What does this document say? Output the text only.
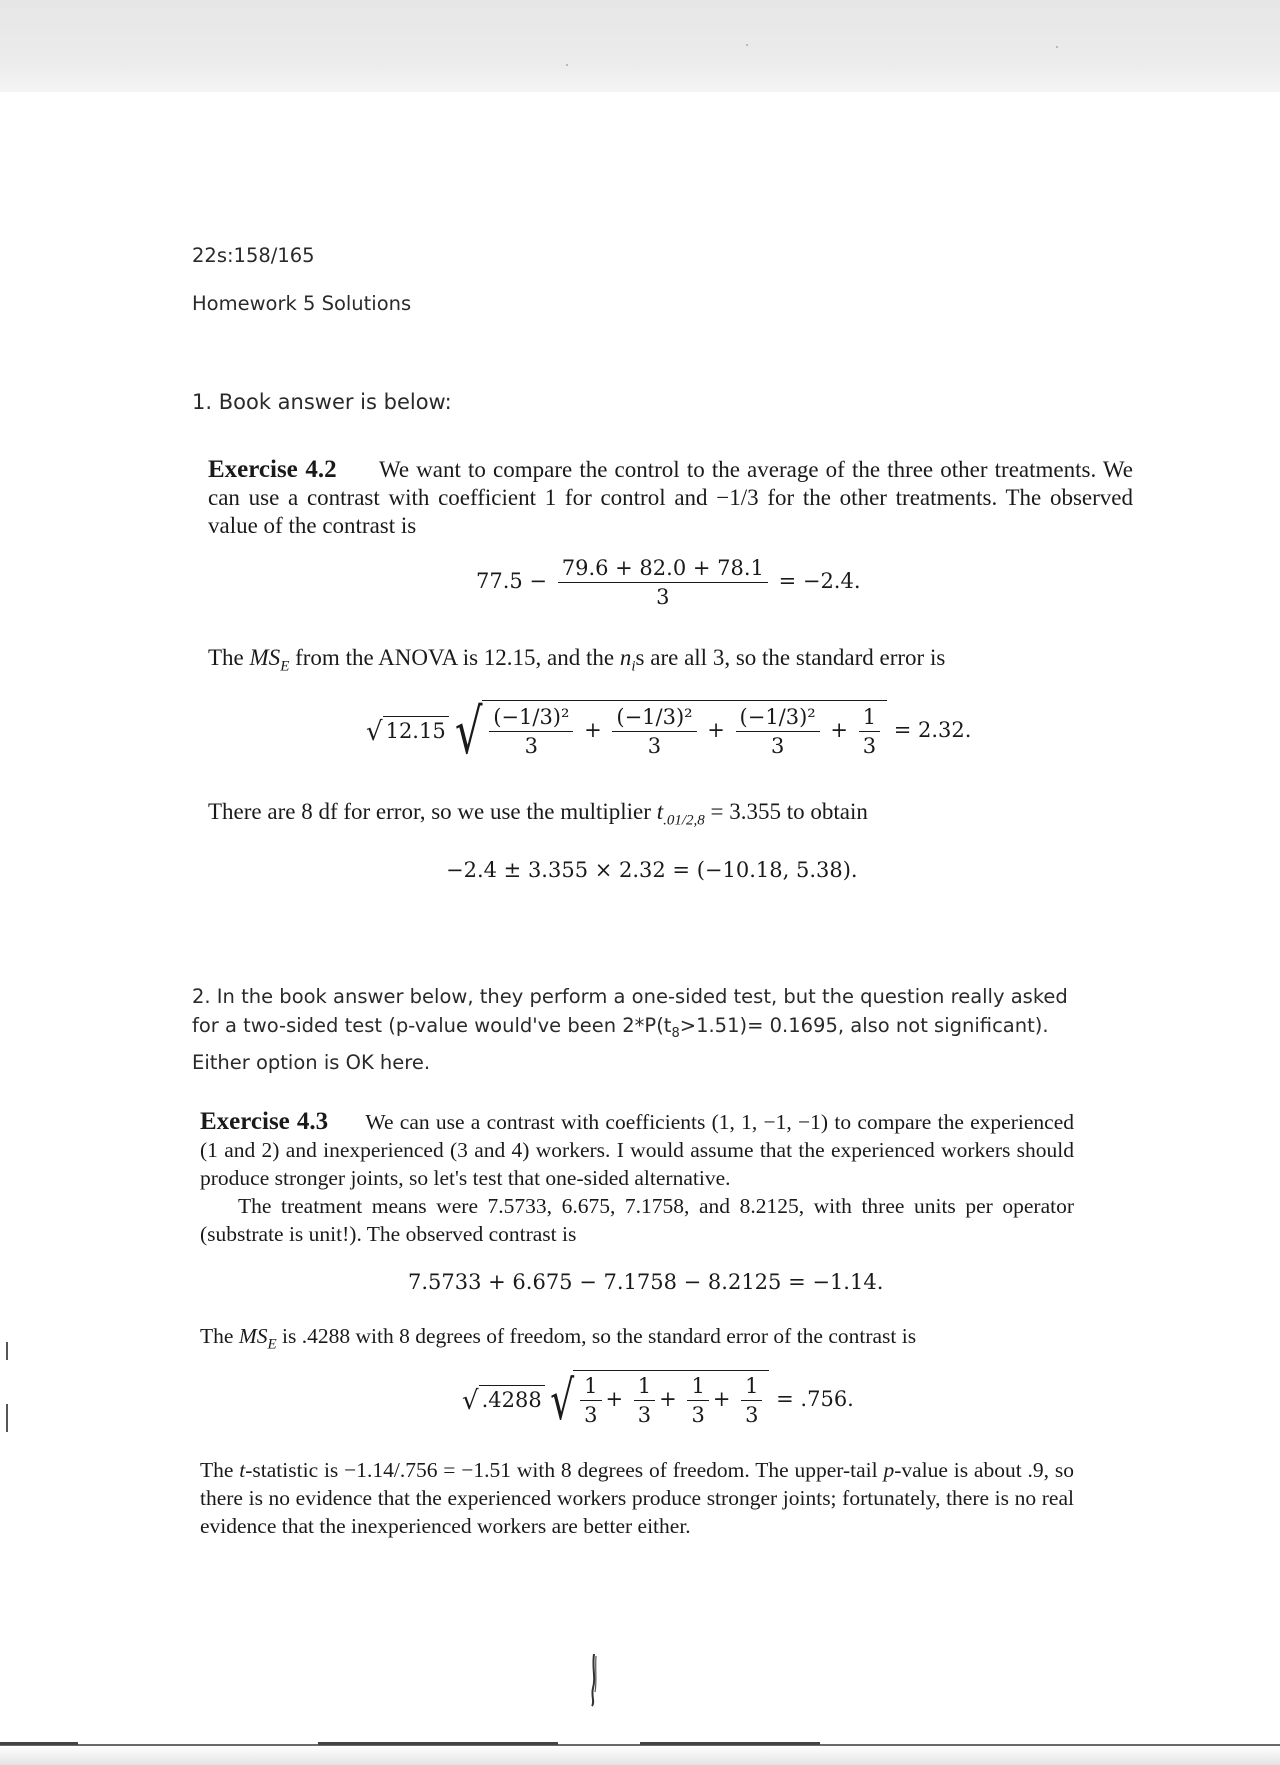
22s:158/165
Homework 5 Solutions
1. Book answer is below:
Exercise 4.2 We want to compare the control to the average of the three other treatments. We can use a contrast with coefficient 1 for control and −1/3 for the other treatments. The observed value of the contrast is
$77.5 - \frac{79.6 + 82.0 + 78.1}{3} = -2.4$.
The $MS_E$ from the ANOVA is 12.15, and the $n_is$ are all 3, so the standard error is
√ 12.15 √ $\frac{\text{(−1/3)²}}{3} + \frac{\text{(−1/3)²}}{3} + \frac{\text{(−1/3)²}}{3} + \frac{1}{3} = 2.32$.
There are 8 df for error, so we use the multiplier $t_{.01/2,8} = 3.355$ to obtain
−2.4 ± 3.355 × 2.32 = (−10.18, 5.38).
2. In the book answer below, they perform a one-sided test, but the question really asked for a two-sided test (p-value would've been $2*P(t_8>1.51)= 0.1695$, also not significant). Either option is OK here.
Exercise 4.3 We can use a contrast with coefficients (1, 1, −1, −1) to compare the experienced (1 and 2) and inexperienced (3 and 4) workers. I would assume that the experienced workers should produce stronger joints, so let's test that one-sided alternative.
The treatment means were 7.5733, 6.675, 7.1758, and 8.2125, with three units per operator (substrate is unit!). The observed contrast is
7.5733 + 6.675 − 7.1758 − 8.2125 = −1.14.
The $MS_E$ is .4288 with 8 degrees of freedom, so the standard error of the contrast is
√ .4288 √ $\frac{1}{3} + \frac{1}{3} + \frac{1}{3} + \frac{1}{3} = .756$.
The t-statistic is −1.14/.756 = −1.51 with 8 degrees of freedom. The upper-tail p-value is about .9, so there is no evidence that the experienced workers produce stronger joints; fortunately, there is no real evidence that the inexperienced workers are better either.
